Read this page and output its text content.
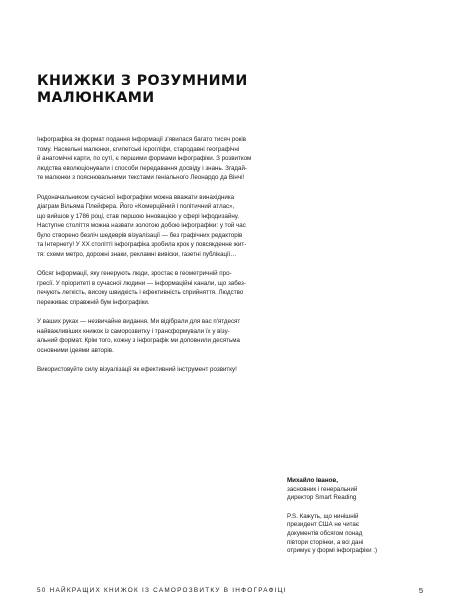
КНИЖКИ З РОЗУМНИМИ
МАЛЮНКАМИ

Інфографіка як формат подання інформації з'явилася багато тисяч років
тому. Наскельні малюнки, єгипетські ієрогліфи, стародавні географічні
й анатомічні карти, по суті, є першими формами інфографіки. З розвитком
людства еволюціонували і способи передавання досвіду і знань. Згадай-
те малюнки з пояснювальними текстами геніального Леонардо да Вінчі!

Родоначальником сучасної інфографіки можна вважати винахідника
діаграм Вільяма Плейфера. Його «Комерційний і політичний атлас»,
що вийшов у 1786 році, став першою інновацією у сфері інфодизайну.
Наступне століття можна назвати золотою добою інфографіки: у той час
було створено безліч шедеврів візуалізації — без графічних редакторів
та Інтернету! У XX столітті інфографіка зробила крок у повсякденне жит-
тя: схеми метро, дорожні знаки, рекламні вивіски, газетні публікації…

Обсяг інформації, яку генерують люди, зростає в геометричній про-
гресії. У пріоритеті в сучасної людини — інформаційні канали, що забез-
печують легкість, високу швидкість і ефективність сприйняття. Людство
переживає справжній бум інфографіки.

У ваших руках — незвичайне видання. Ми відібрали для вас п'ятдесят
найважливіших книжок із саморозвитку і трансформували їх у візу-
альний формат. Крім того, кожну з інфографік ми доповнили десятьма
основними ідеями авторів.

Використовуйте силу візуалізації як ефективний інструмент розвитку!

Михайло Іванов,
засновник і генеральний
директор Smart Reading
P.S. Кажуть, що нинішній
президент США не читає
документів обсягом понад
півтори сторінки, а всі дані
отримує у формі інфографіки :)
50 НАЙКРАЩИХ КНИЖОК ІЗ САМОРОЗВИТКУ В ІНФОГРАФІЦІ	5
